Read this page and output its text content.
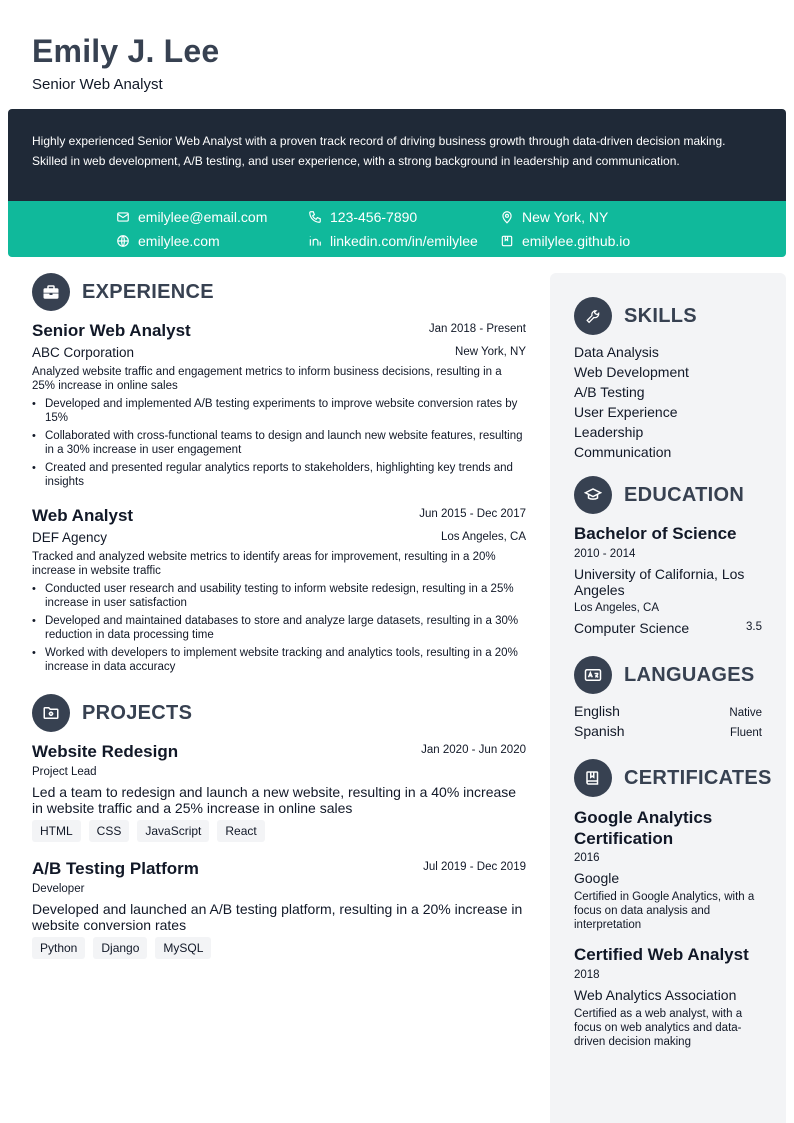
Emily J. Lee
Senior Web Analyst

Highly experienced Senior Web Analyst with a proven track record of driving business growth through data-driven decision making. Skilled in web development, A/B testing, and user experience, with a strong background in leadership and communication.

emilylee@email.com	123-456-7890	New York, NY
emilylee.com	linkedin.com/in/emilylee	emilylee.github.io
EXPERIENCE
Senior Web Analyst	Jan 2018 - Present
ABC Corporation	New York, NY
Analyzed website traffic and engagement metrics to inform business decisions, resulting in a 25% increase in online sales
• Developed and implemented A/B testing experiments to improve website conversion rates by 15%
• Collaborated with cross-functional teams to design and launch new website features, resulting in a 30% increase in user engagement
• Created and presented regular analytics reports to stakeholders, highlighting key trends and insights
Web Analyst	Jun 2015 - Dec 2017
DEF Agency	Los Angeles, CA
Tracked and analyzed website metrics to identify areas for improvement, resulting in a 20% increase in website traffic
• Conducted user research and usability testing to inform website redesign, resulting in a 25% increase in user satisfaction
• Developed and maintained databases to store and analyze large datasets, resulting in a 30% reduction in data processing time
• Worked with developers to implement website tracking and analytics tools, resulting in a 20% increase in data accuracy
PROJECTS
Website Redesign	Jan 2020 - Jun 2020
Project Lead
Led a team to redesign and launch a new website, resulting in a 40% increase in website traffic and a 25% increase in online sales
HTML	CSS	JavaScript	React
A/B Testing Platform	Jul 2019 - Dec 2019
Developer
Developed and launched an A/B testing platform, resulting in a 20% increase in website conversion rates
Python	Django	MySQL
SKILLS
Data Analysis
Web Development
A/B Testing
User Experience
Leadership
Communication
EDUCATION
Bachelor of Science
2010 - 2014
University of California, Los Angeles
Los Angeles, CA
Computer Science	3.5
LANGUAGES
English	Native
Spanish	Fluent
CERTIFICATES
Google Analytics Certification
2016
Google
Certified in Google Analytics, with a focus on data analysis and interpretation
Certified Web Analyst
2018
Web Analytics Association
Certified as a web analyst, with a focus on web analytics and data-driven decision making
